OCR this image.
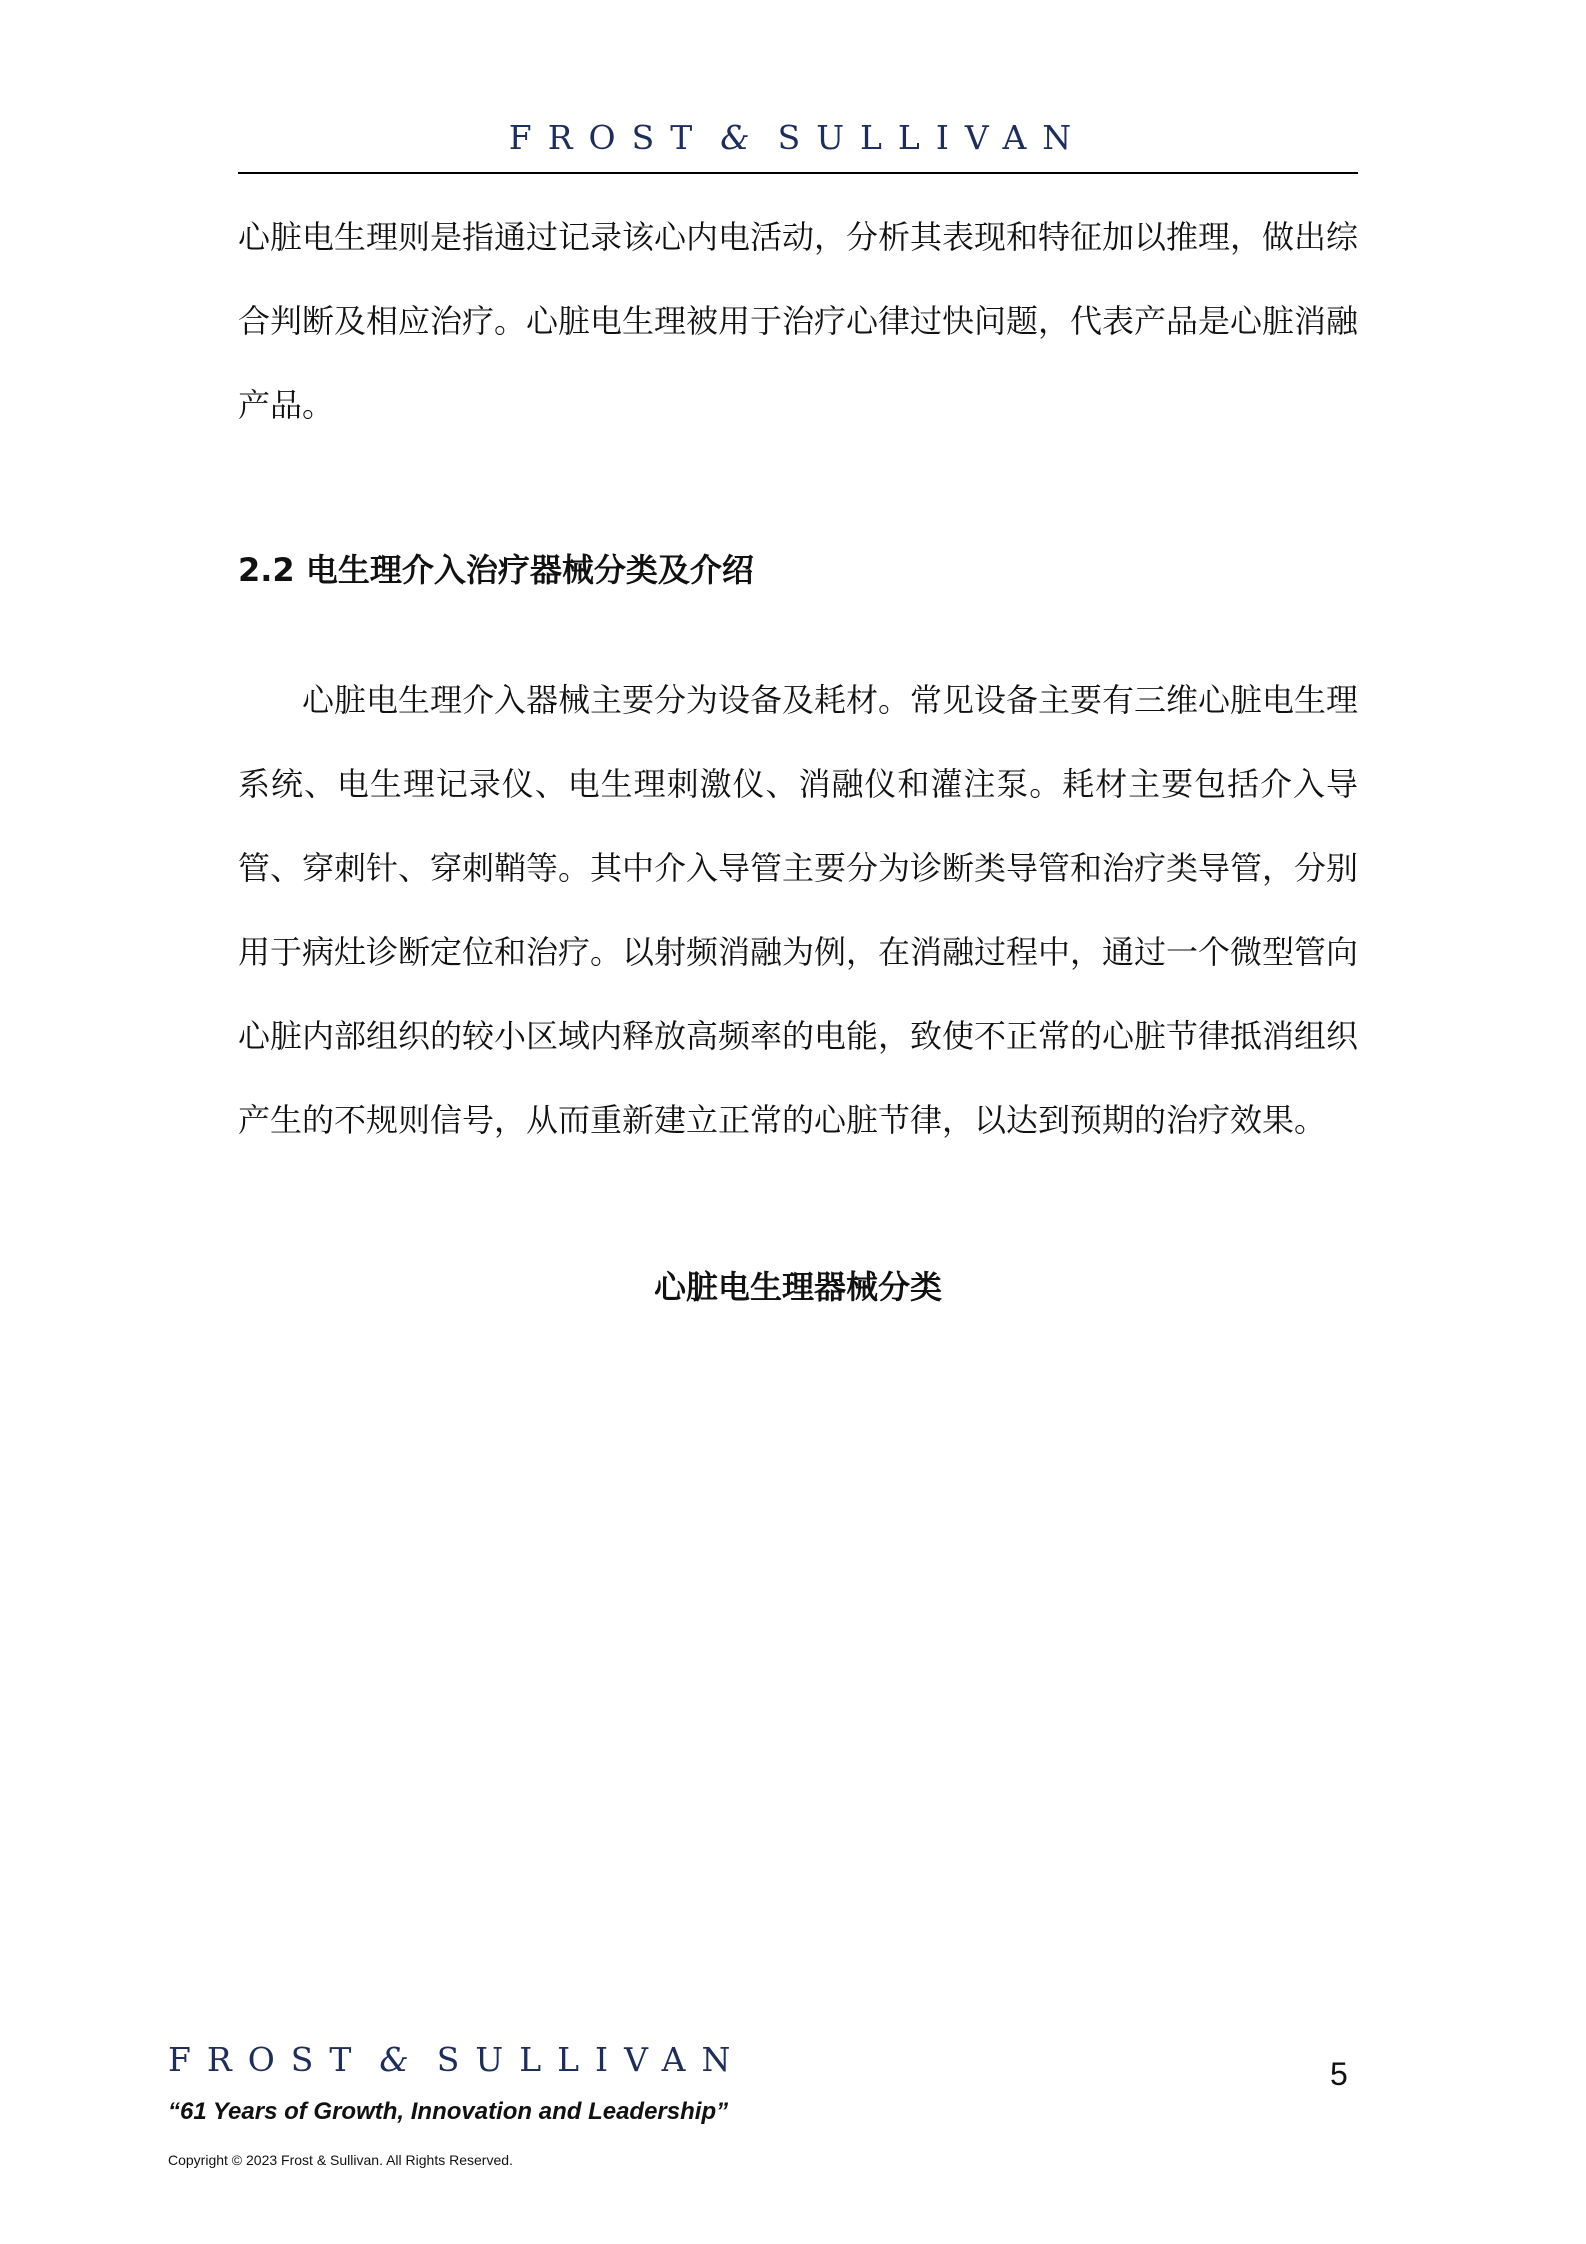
FROST & SULLIVAN

心脏电生理则是指通过记录该心内电活动，分析其表现和特征加以推理，做出综合判断及相应治疗。心脏电生理被用于治疗心律过快问题，代表产品是心脏消融产品。

2.2 电生理介入治疗器械分类及介绍

心脏电生理介入器械主要分为设备及耗材。常见设备主要有三维心脏电生理系统、电生理记录仪、电生理刺激仪、消融仪和灌注泵。耗材主要包括介入导管、穿刺针、穿刺鞘等。其中介入导管主要分为诊断类导管和治疗类导管，分别用于病灶诊断定位和治疗。以射频消融为例，在消融过程中，通过一个微型管向心脏内部组织的较小区域内释放高频率的电能，致使不正常的心脏节律抵消组织产生的不规则信号，从而重新建立正常的心脏节律，以达到预期的治疗效果。

心脏电生理器械分类
FROST & SULLIVAN
“61 Years of Growth, Innovation and Leadership”
Copyright © 2023 Frost & Sullivan. All Rights Reserved.
5
